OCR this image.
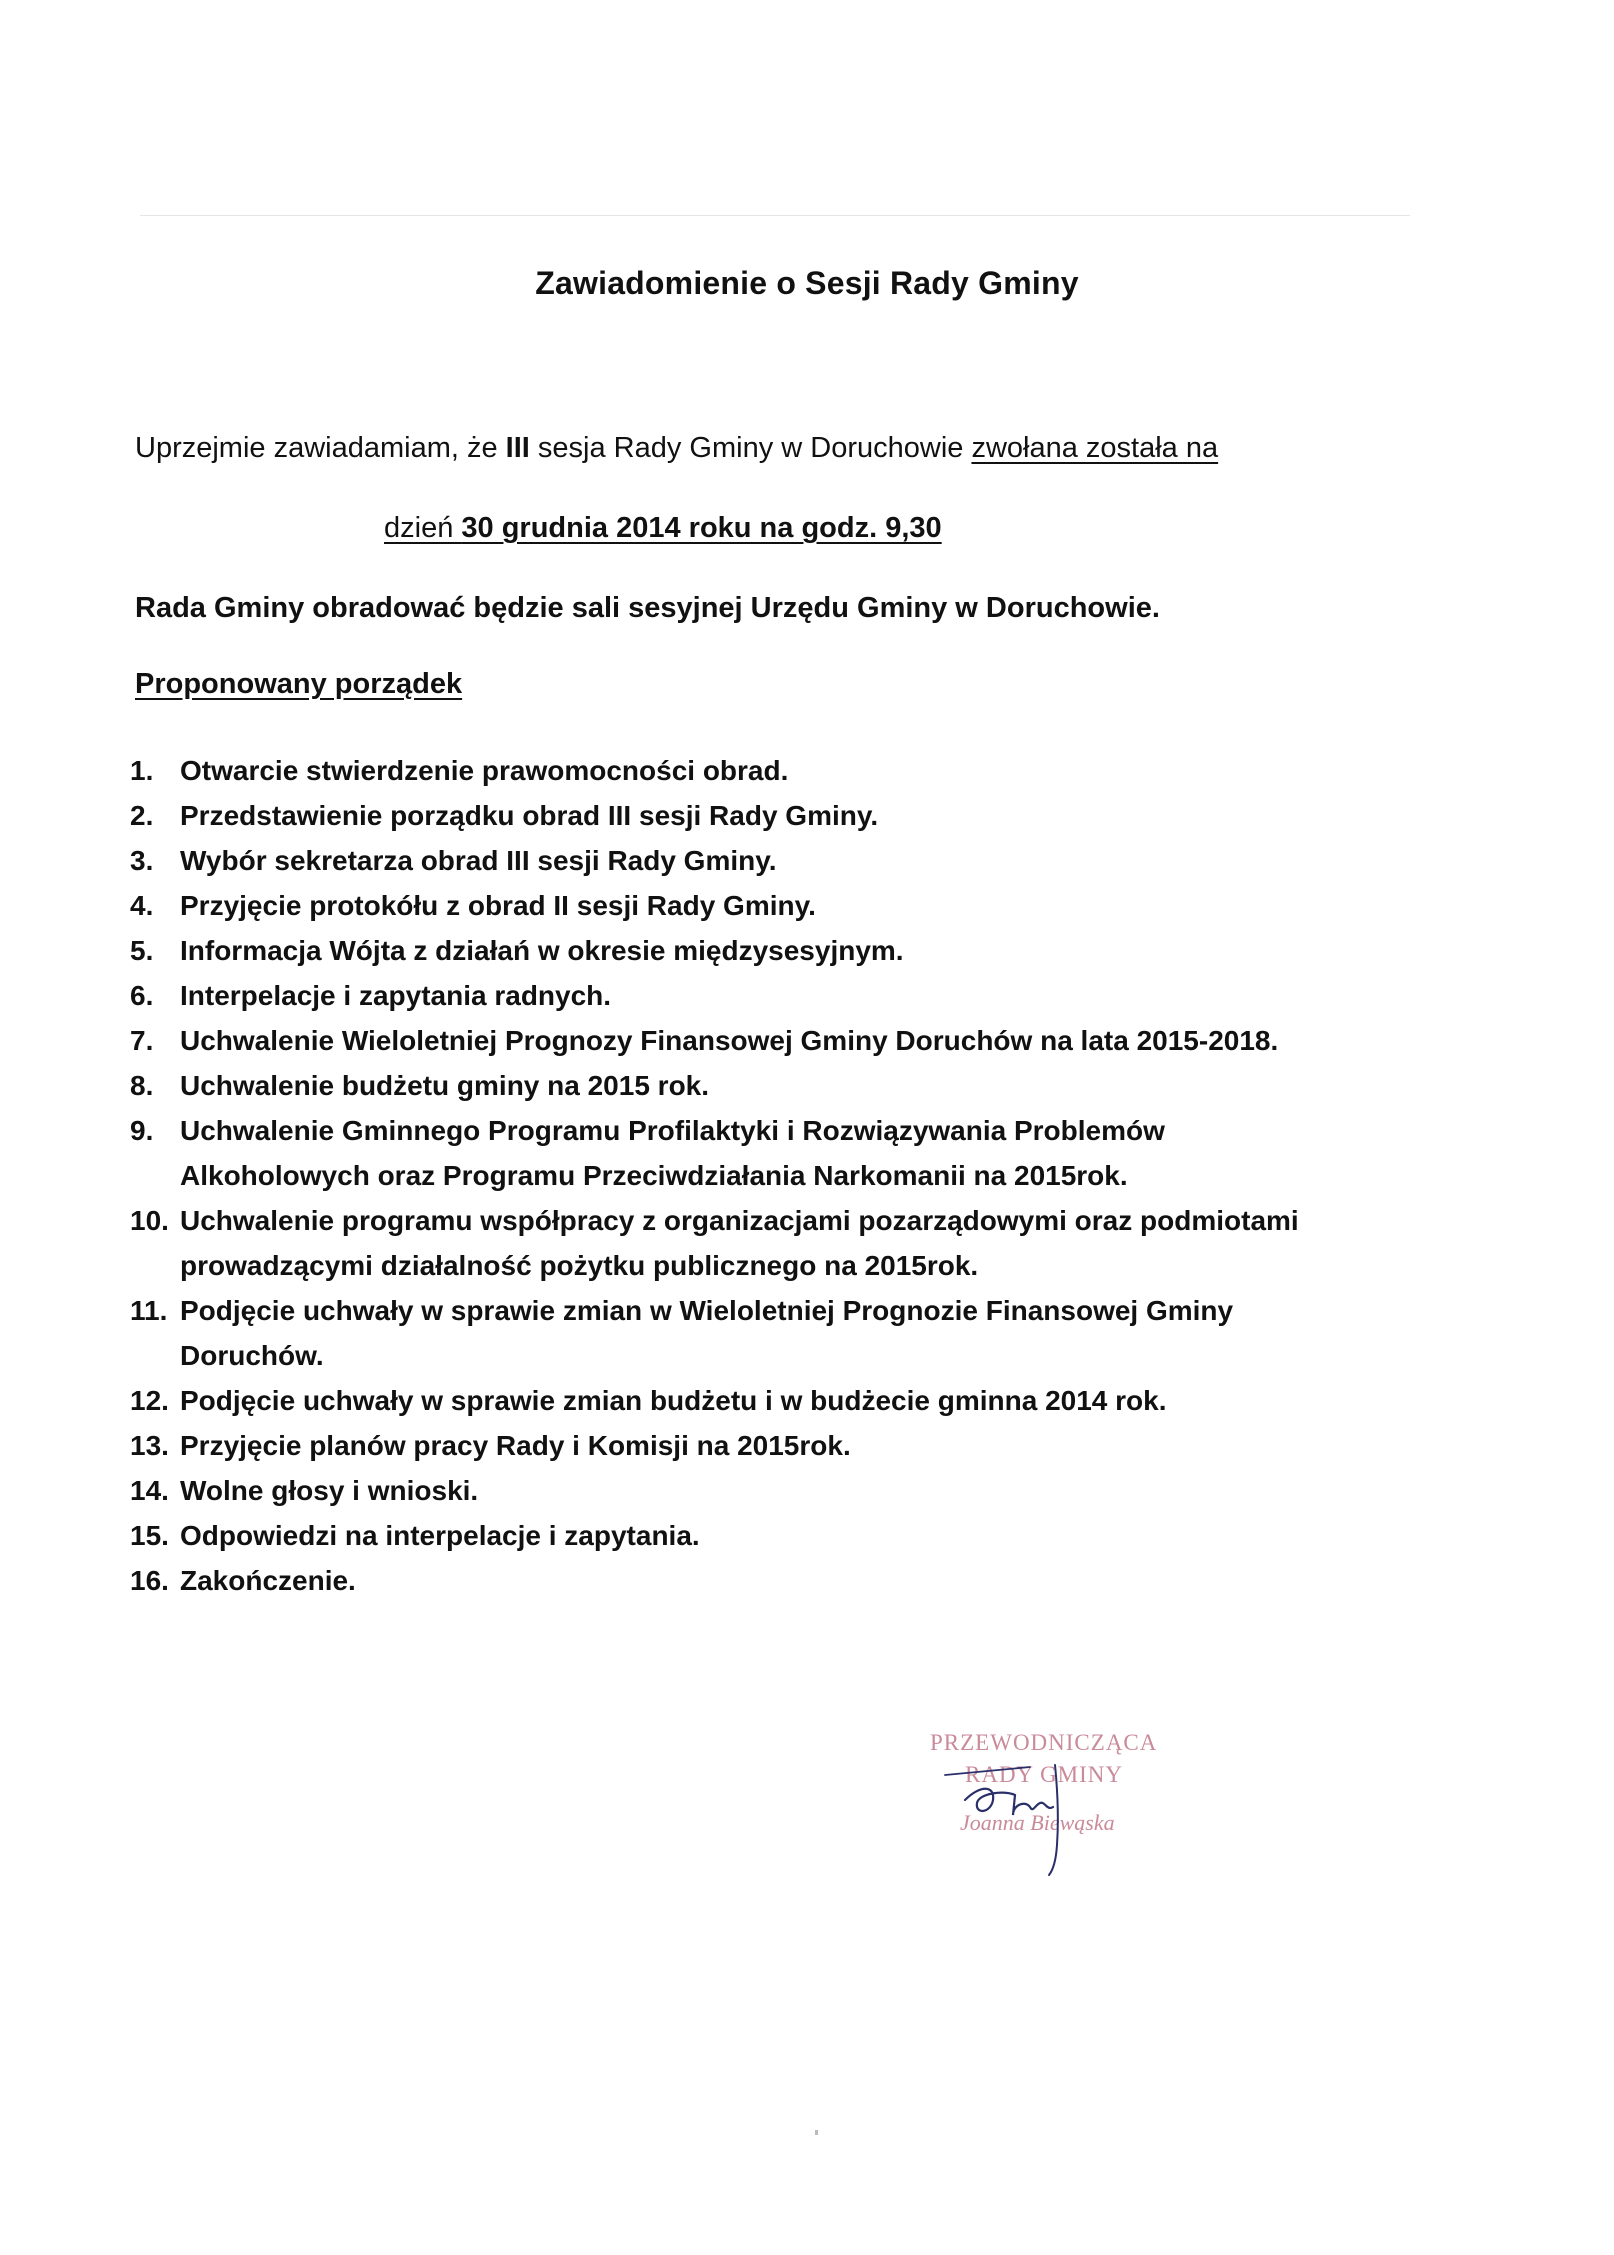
Zawiadomienie o Sesji Rady Gminy
Uprzejmie zawiadamiam, że III sesja Rady Gminy w Doruchowie zwołana została na
dzień 30 grudnia 2014 roku na godz. 9,30
Rada Gminy obradować będzie sali sesyjnej Urzędu Gminy w Doruchowie.
Proponowany porządek
1. Otwarcie stwierdzenie prawomocności obrad.
2. Przedstawienie porządku obrad III sesji Rady Gminy.
3. Wybór sekretarza obrad III sesji Rady Gminy.
4. Przyjęcie protokółu z obrad II sesji Rady Gminy.
5. Informacja Wójta z działań w okresie międzysesyjnym.
6. Interpelacje i zapytania radnych.
7. Uchwalenie Wieloletniej Prognozy Finansowej Gminy Doruchów na lata 2015-2018.
8. Uchwalenie budżetu gminy na 2015 rok.
9. Uchwalenie Gminnego Programu Profilaktyki i Rozwiązywania Problemów
Alkoholowych oraz Programu Przeciwdziałania Narkomanii na 2015rok.
10. Uchwalenie programu współpracy z organizacjami pozarządowymi oraz podmiotami
prowadzącymi działalność pożytku publicznego na 2015rok.
11. Podjęcie uchwały w sprawie zmian w Wieloletniej Prognozie Finansowej Gminy
Doruchów.
12. Podjęcie uchwały w sprawie zmian budżetu i w budżecie gminna 2014 rok.
13. Przyjęcie planów pracy Rady i Komisji na 2015rok.
14. Wolne głosy i wnioski.
15. Odpowiedzi na interpelacje i zapytania.
16. Zakończenie.
PRZEWODNICZĄCA
RADY GMINY
Joanna Biewąska
